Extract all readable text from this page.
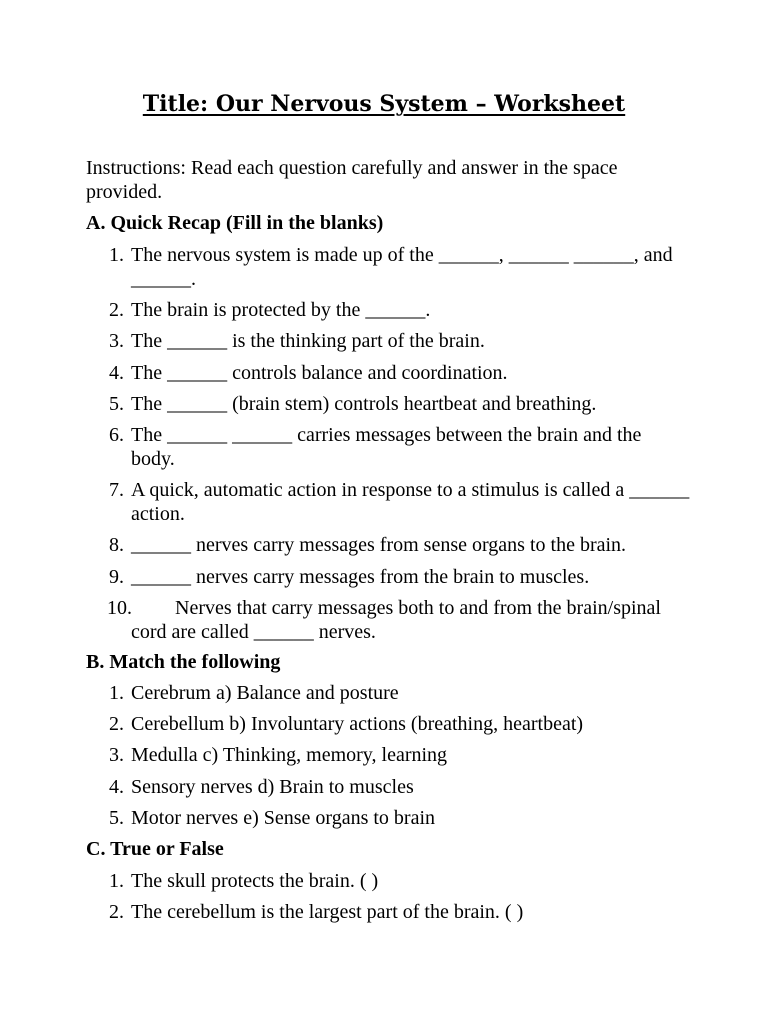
Title: Our Nervous System – Worksheet

Instructions: Read each question carefully and answer in the space provided.

A. Quick Recap (Fill in the blanks)
1. The nervous system is made up of the ______, ______ ______, and ______.
2. The brain is protected by the ______.
3. The ______ is the thinking part of the brain.
4. The ______ controls balance and coordination.
5. The ______ (brain stem) controls heartbeat and breathing.
6. The ______ ______ carries messages between the brain and the body.
7. A quick, automatic action in response to a stimulus is called a ______ action.
8. ______ nerves carry messages from sense organs to the brain.
9. ______ nerves carry messages from the brain to muscles.
10.	Nerves that carry messages both to and from the brain/spinal cord are called ______ nerves.
B. Match the following
1. Cerebrum a) Balance and posture
2. Cerebellum b) Involuntary actions (breathing, heartbeat)
3. Medulla c) Thinking, memory, learning
4. Sensory nerves d) Brain to muscles
5. Motor nerves e) Sense organs to brain
C. True or False
1. The skull protects the brain. ( )
2. The cerebellum is the largest part of the brain. ( )
